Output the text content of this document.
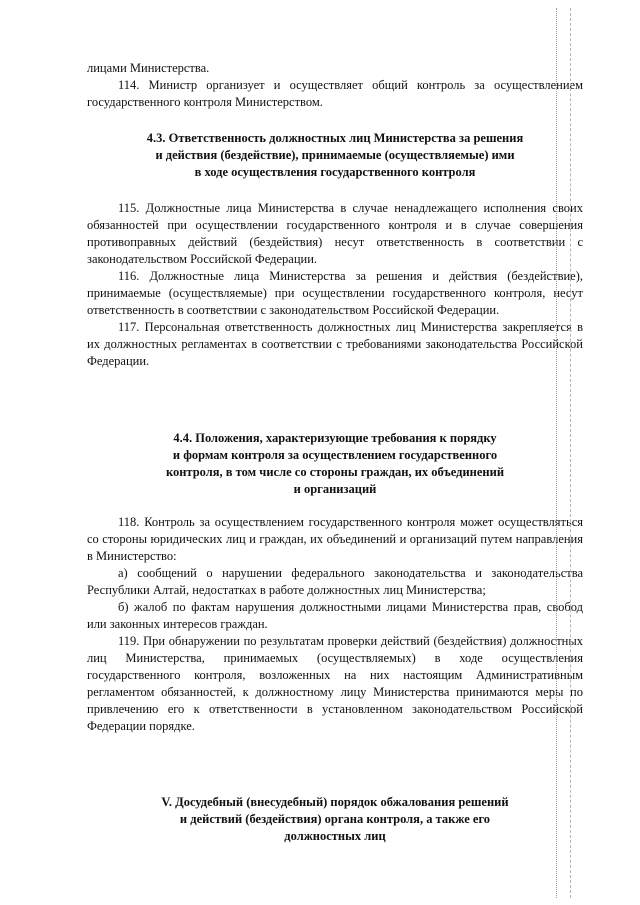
лицами Министерства.

114. Министр организует и осуществляет общий контроль за осуществлением государственного контроля Министерством.

4.3. Ответственность должностных лиц Министерства за решения
и действия (бездействие), принимаемые (осуществляемые) ими
в ходе осуществления государственного контроля

115. Должностные лица Министерства в случае ненадлежащего исполнения своих обязанностей при осуществлении государственного контроля и в случае совершения противоправных действий (бездействия) несут ответственность в соответствии с законодательством Российской Федерации.

116. Должностные лица Министерства за решения и действия (бездействие), принимаемые (осуществляемые) при осуществлении государственного контроля, несут ответственность в соответствии с законодательством Российской Федерации.

117. Персональная ответственность должностных лиц Министерства закрепляется в их должностных регламентах в соответствии с требованиями законодательства Российской Федерации.

4.4. Положения, характеризующие требования к порядку
и формам контроля за осуществлением государственного
контроля, в том числе со стороны граждан, их объединений
и организаций

118. Контроль за осуществлением государственного контроля может осуществляться со стороны юридических лиц и граждан, их объединений и организаций путем направления в Министерство:

а) сообщений о нарушении федерального законодательства и законодательства Республики Алтай, недостатках в работе должностных лиц Министерства;

б) жалоб по фактам нарушения должностными лицами Министерства прав, свобод или законных интересов граждан.

119. При обнаружении по результатам проверки действий (бездействия) должностных лиц Министерства, принимаемых (осуществляемых) в ходе осуществления государственного контроля, возложенных на них настоящим Административным регламентом обязанностей, к должностному лицу Министерства принимаются меры по привлечению его к ответственности в установленном законодательством Российской Федерации порядке.

V. Досудебный (внесудебный) порядок обжалования решений
и действий (бездействия) органа контроля, а также его
должностных лиц
